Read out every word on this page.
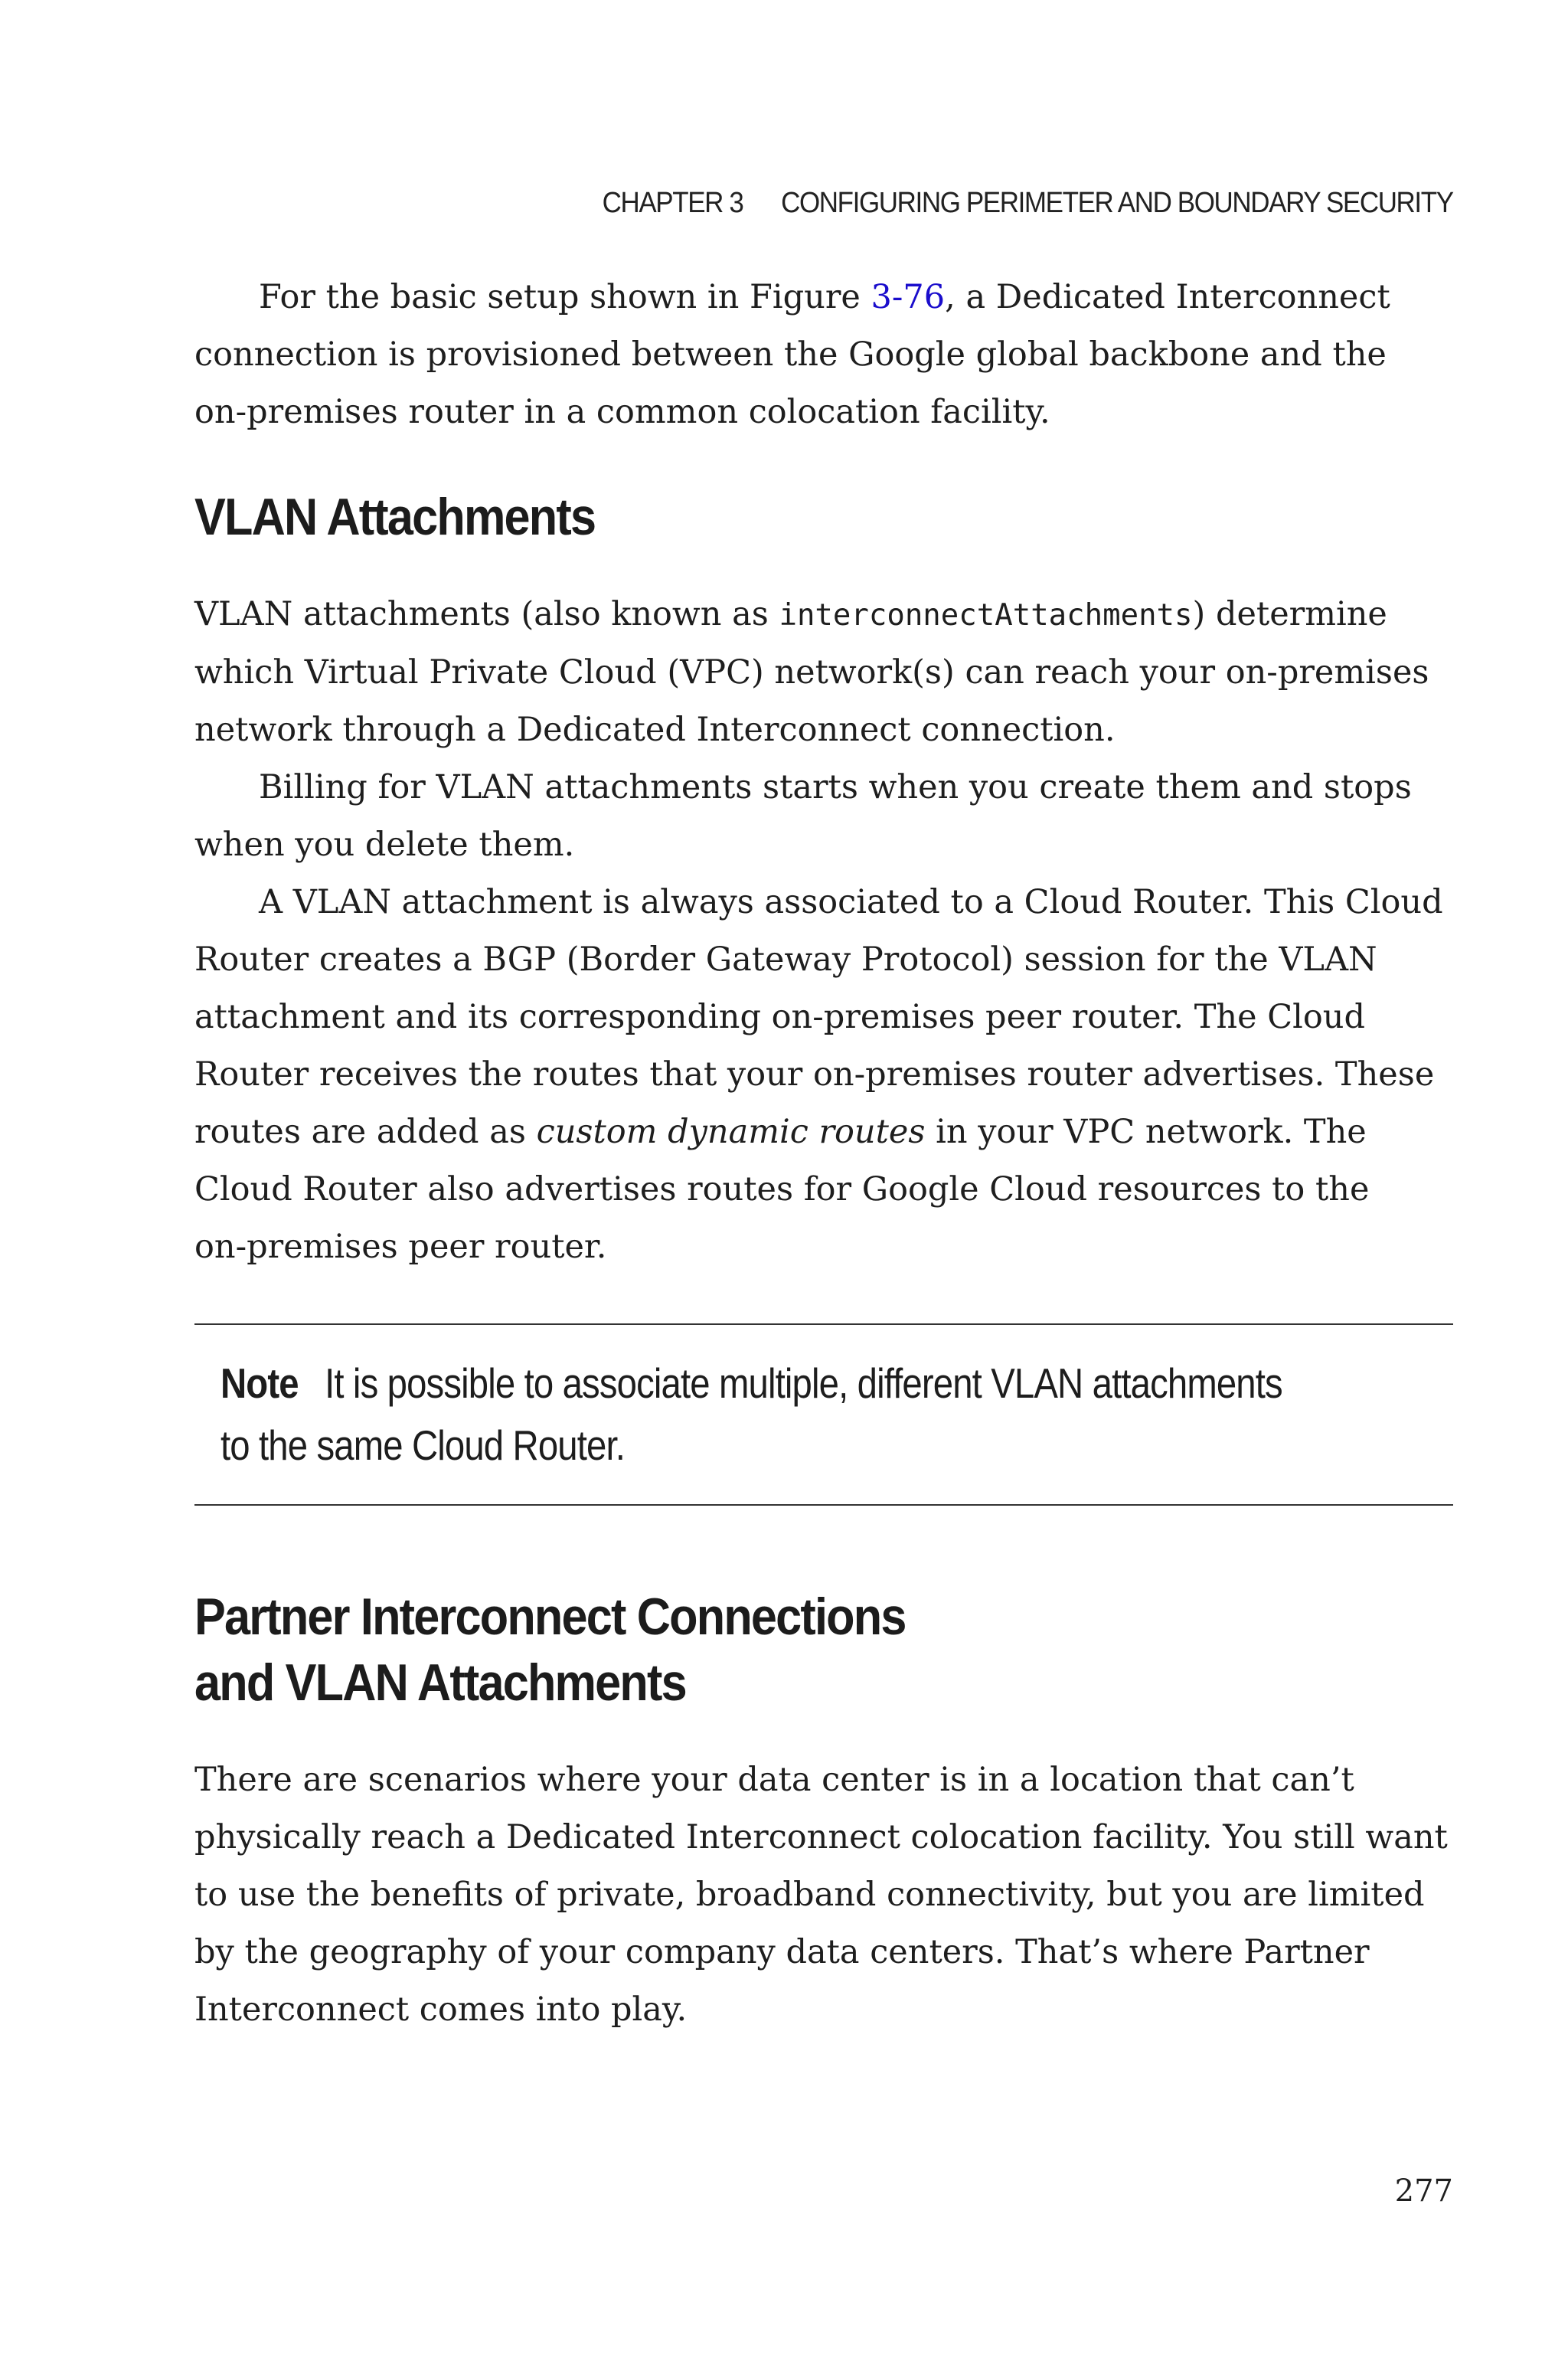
CHAPTER 3 CONFIGURING PERIMETER AND BOUNDARY SECURITY

For the basic setup shown in Figure 3-76, a Dedicated Interconnect
connection is provisioned between the Google global backbone and the
on-premises router in a common colocation facility.

VLAN Attachments
VLAN attachments (also known as interconnectAttachments) determine
which Virtual Private Cloud (VPC) network(s) can reach your on-premises
network through a Dedicated Interconnect connection.
Billing for VLAN attachments starts when you create them and stops
when you delete them.
A VLAN attachment is always associated to a Cloud Router. This Cloud
Router creates a BGP (Border Gateway Protocol) session for the VLAN
attachment and its corresponding on-premises peer router. The Cloud
Router receives the routes that your on-premises router advertises. These
routes are added as custom dynamic routes in your VPC network. The
Cloud Router also advertises routes for Google Cloud resources to the
on-premises peer router.

Note It is possible to associate multiple, different VLAN attachments
to the same Cloud Router.

Partner Interconnect Connections
and VLAN Attachments

There are scenarios where your data center is in a location that can’t
physically reach a Dedicated Interconnect colocation facility. You still want
to use the benefits of private, broadband connectivity, but you are limited
by the geography of your company data centers. That’s where Partner
Interconnect comes into play.

277
